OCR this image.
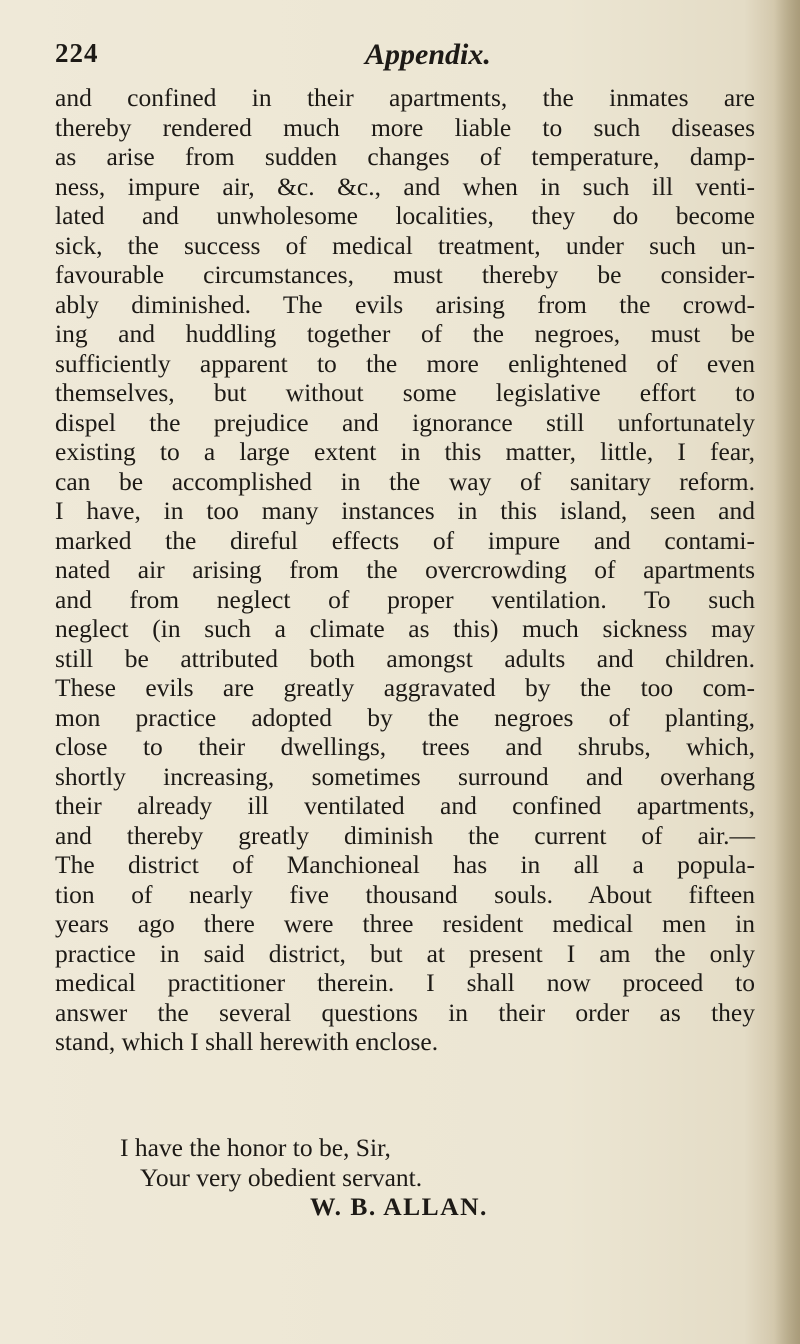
224	Appendix.
and confined in their apartments, the inmates are
thereby rendered much more liable to such diseases
as arise from sudden changes of temperature, damp-
ness, impure air, &c. &c., and when in such ill venti-
lated and unwholesome localities, they do become
sick, the success of medical treatment, under such un-
favourable circumstances, must thereby be consider-
ably diminished. The evils arising from the crowd-
ing and huddling together of the negroes, must be
sufficiently apparent to the more enlightened of even
themselves, but without some legislative effort to
dispel the prejudice and ignorance still unfortunately
existing to a large extent in this matter, little, I fear,
can be accomplished in the way of sanitary reform.
I have, in too many instances in this island, seen and
marked the direful effects of impure and contami-
nated air arising from the overcrowding of apartments
and from neglect of proper ventilation. To such
neglect (in such a climate as this) much sickness may
still be attributed both amongst adults and children.
These evils are greatly aggravated by the too com-
mon practice adopted by the negroes of planting,
close to their dwellings, trees and shrubs, which,
shortly increasing, sometimes surround and overhang
their already ill ventilated and confined apartments,
and thereby greatly diminish the current of air.—
The district of Manchioneal has in all a popula-
tion of nearly five thousand souls. About fifteen
years ago there were three resident medical men in
practice in said district, but at present I am the only
medical practitioner therein. I shall now proceed to
answer the several questions in their order as they
stand, which I shall herewith enclose.
I have the honor to be, Sir,
Your very obedient servant.
W. B. ALLAN.
